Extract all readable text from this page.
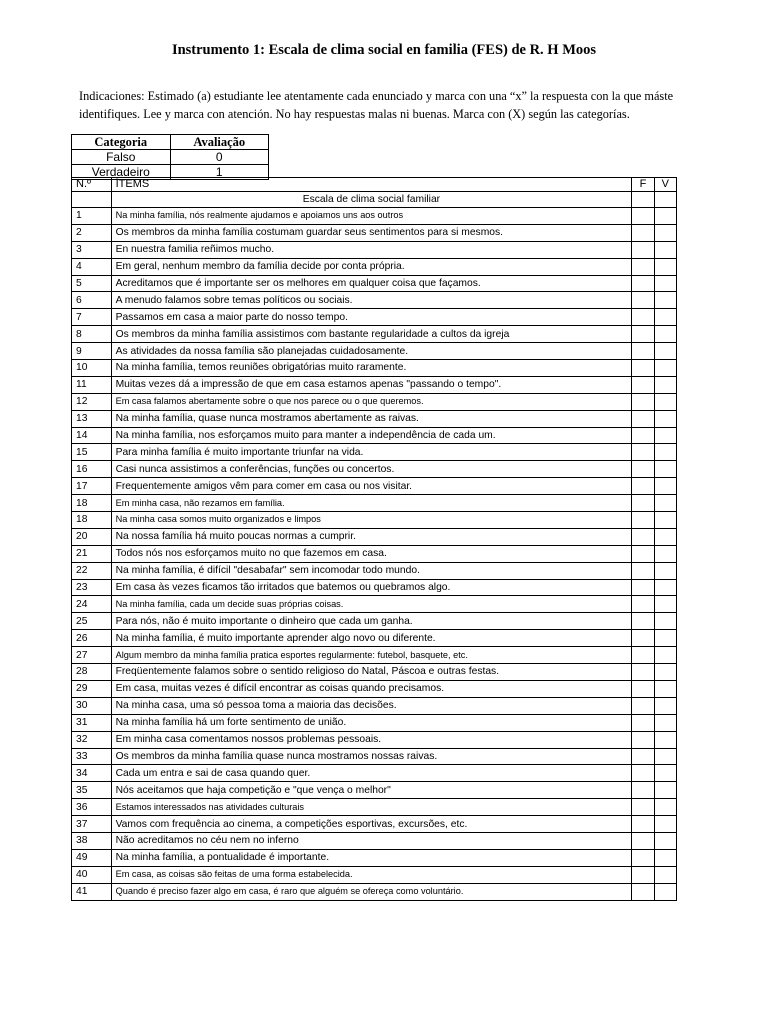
Instrumento 1: Escala de clima social en familia (FES) de R. H Moos
Indicaciones: Estimado (a) estudiante lee atentamente cada enunciado y marca con una “x” la respuesta con la que máste identifiques. Lee y marca con atención. No hay respuestas malas ni buenas. Marca con (X) según las categorías.
Categoria	Avaliação
Falso	0
Verdadeiro	1
N.º	ÍTEMS	F	V
	Escala de clima social familiar		
1	Na minha família, nós realmente ajudamos e apoiamos uns aos outros		
2	Os membros da minha família costumam guardar seus sentimentos para si mesmos.		
3	En nuestra familia reñimos mucho.		
4	Em geral, nenhum membro da família decide por conta própria.		
5	Acreditamos que é importante ser os melhores em qualquer coisa que façamos.		
6	A menudo falamos sobre temas políticos ou sociais.		
7	Passamos em casa a maior parte do nosso tempo.		
8	Os membros da minha família assistimos com bastante regularidade a cultos da igreja		
9	As atividades da nossa família são planejadas cuidadosamente.		
10	Na minha família, temos reuniões obrigatórias muito raramente.		
11	Muitas vezes dá a impressão de que em casa estamos apenas "passando o tempo".		
12	Em casa falamos abertamente sobre o que nos parece ou o que queremos.		
13	Na minha família, quase nunca mostramos abertamente as raivas.		
14	Na minha família, nos esforçamos muito para manter a independência de cada um.		
15	Para minha família é muito importante triunfar na vida.		
16	Casi nunca assistimos a conferências, funções ou concertos.		
17	Frequentemente amigos vêm para comer em casa ou nos visitar.		
18	Em minha casa, não rezamos em família.		
18	Na minha casa somos muito organizados e limpos		
20	Na nossa família há muito poucas normas a cumprir.		
21	Todos nós nos esforçamos muito no que fazemos em casa.		
22	Na minha família, é difícil "desabafar" sem incomodar todo mundo.		
23	Em casa às vezes ficamos tão irritados que batemos ou quebramos algo.		
24	Na minha família, cada um decide suas próprias coisas.		
25	Para nós, não é muito importante o dinheiro que cada um ganha.		
26	Na minha família, é muito importante aprender algo novo ou diferente.		
27	Algum membro da minha família pratica esportes regularmente: futebol, basquete, etc.		
28	Freqüentemente falamos sobre o sentido religioso do Natal, Páscoa e outras festas.		
29	Em casa, muitas vezes é difícil encontrar as coisas quando precisamos.		
30	Na minha casa, uma só pessoa toma a maioria das decisões.		
31	Na minha família há um forte sentimento de união.		
32	Em minha casa comentamos nossos problemas pessoais.		
33	Os membros da minha família quase nunca mostramos nossas raivas.		
34	Cada um entra e sai de casa quando quer.		
35	Nós aceitamos que haja competição e "que vença o melhor"		
36	Estamos interessados nas atividades culturais		
37	Vamos com frequência ao cinema, a competições esportivas, excursões, etc.		
38	Não acreditamos no céu nem no inferno		
49	Na minha família, a pontualidade é importante.		
40	Em casa, as coisas são feitas de uma forma estabelecida.		
41	Quando é preciso fazer algo em casa, é raro que alguém se ofereça como voluntário.		
